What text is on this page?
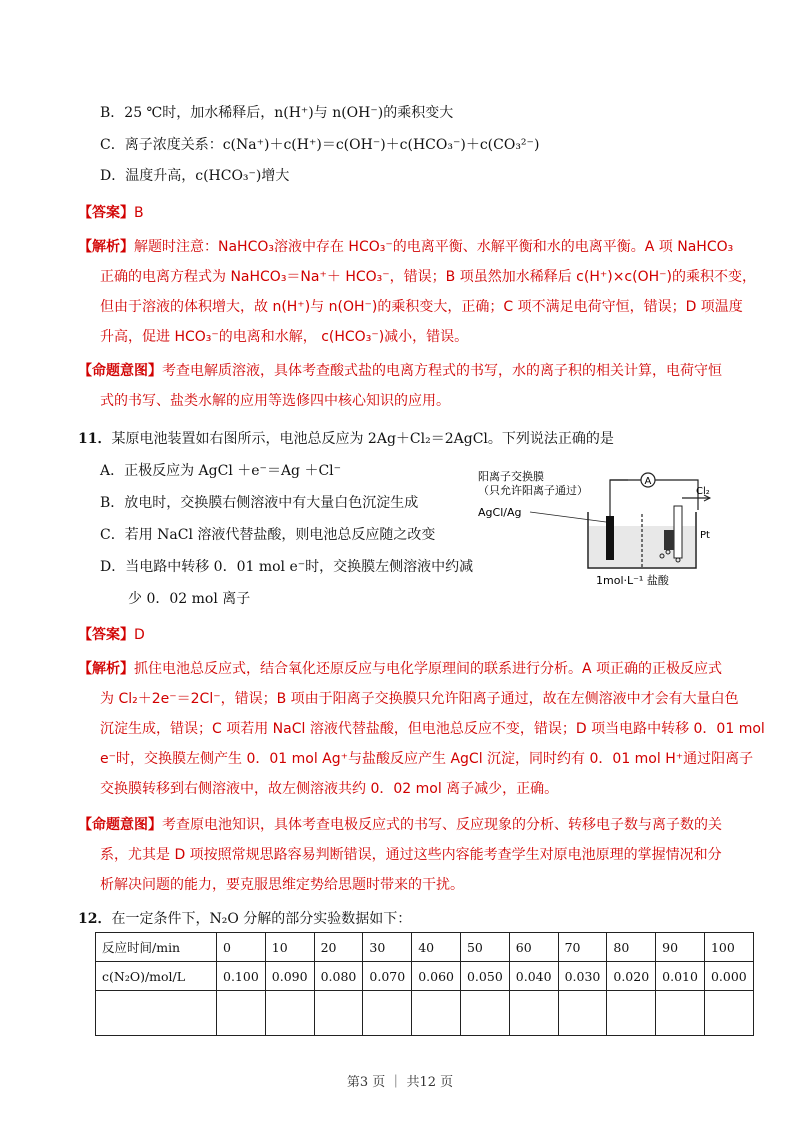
B．25 ℃时，加水稀释后，n(H⁺)与 n(OH⁻)的乘积变大
C．离子浓度关系：c(Na⁺)＋c(H⁺)＝c(OH⁻)＋c(HCO₃⁻)＋c(CO₃²⁻)
D．温度升高，c(HCO₃⁻)增大
【答案】B
【解析】解题时注意：NaHCO₃溶液中存在 HCO₃⁻的电离平衡、水解平衡和水的电离平衡。A 项 NaHCO₃
正确的电离方程式为 NaHCO₃＝Na⁺＋ HCO₃⁻，错误；B 项虽然加水稀释后 c(H⁺)×c(OH⁻)的乘积不变，
但由于溶液的体积增大，故 n(H⁺)与 n(OH⁻)的乘积变大，正确；C 项不满足电荷守恒，错误；D 项温度
升高，促进 HCO₃⁻的电离和水解， c(HCO₃⁻)减小，错误。
【命题意图】考查电解质溶液，具体考查酸式盐的电离方程式的书写，水的离子积的相关计算，电荷守恒
式的书写、盐类水解的应用等选修四中核心知识的应用。
11．某原电池装置如右图所示，电池总反应为 2Ag＋Cl₂＝2AgCl。下列说法正确的是
A．正极反应为 AgCl ＋e⁻＝Ag ＋Cl⁻
B．放电时，交换膜右侧溶液中有大量白色沉淀生成
C．若用 NaCl 溶液代替盐酸，则电池总反应随之改变
D．当电路中转移 0．01 mol e⁻时，交换膜左侧溶液中约减
少 0．02 mol 离子
A
阳离子交换膜
（只允许阳离子通过）
AgCl/Ag
Cl₂
Pt
1mol·L⁻¹ 盐酸
【答案】D
【解析】抓住电池总反应式，结合氧化还原反应与电化学原理间的联系进行分析。A 项正确的正极反应式
为 Cl₂＋2e⁻＝2Cl⁻，错误；B 项由于阳离子交换膜只允许阳离子通过，故在左侧溶液中才会有大量白色
沉淀生成，错误；C 项若用 NaCl 溶液代替盐酸，但电池总反应不变，错误；D 项当电路中转移 0．01 mol
e⁻时，交换膜左侧产生 0．01 mol Ag⁺与盐酸反应产生 AgCl 沉淀，同时约有 0．01 mol H⁺通过阳离子
交换膜转移到右侧溶液中，故左侧溶液共约 0．02 mol 离子减少，正确。
【命题意图】考查原电池知识，具体考查电极反应式的书写、反应现象的分析、转移电子数与离子数的关
系，尤其是 D 项按照常规思路容易判断错误，通过这些内容能考查学生对原电池原理的掌握情况和分
析解决问题的能力，要克服思维定势给思题时带来的干扰。
12．在一定条件下，N₂O 分解的部分实验数据如下：
反应时间/min	0	10	20	30	40	50	60	70	80	90	100
c(N₂O)/mol/L	0.100	0.090	0.080	0.070	0.060	0.050	0.040	0.030	0.020	0.010	0.000

第3 页 ｜ 共12 页
